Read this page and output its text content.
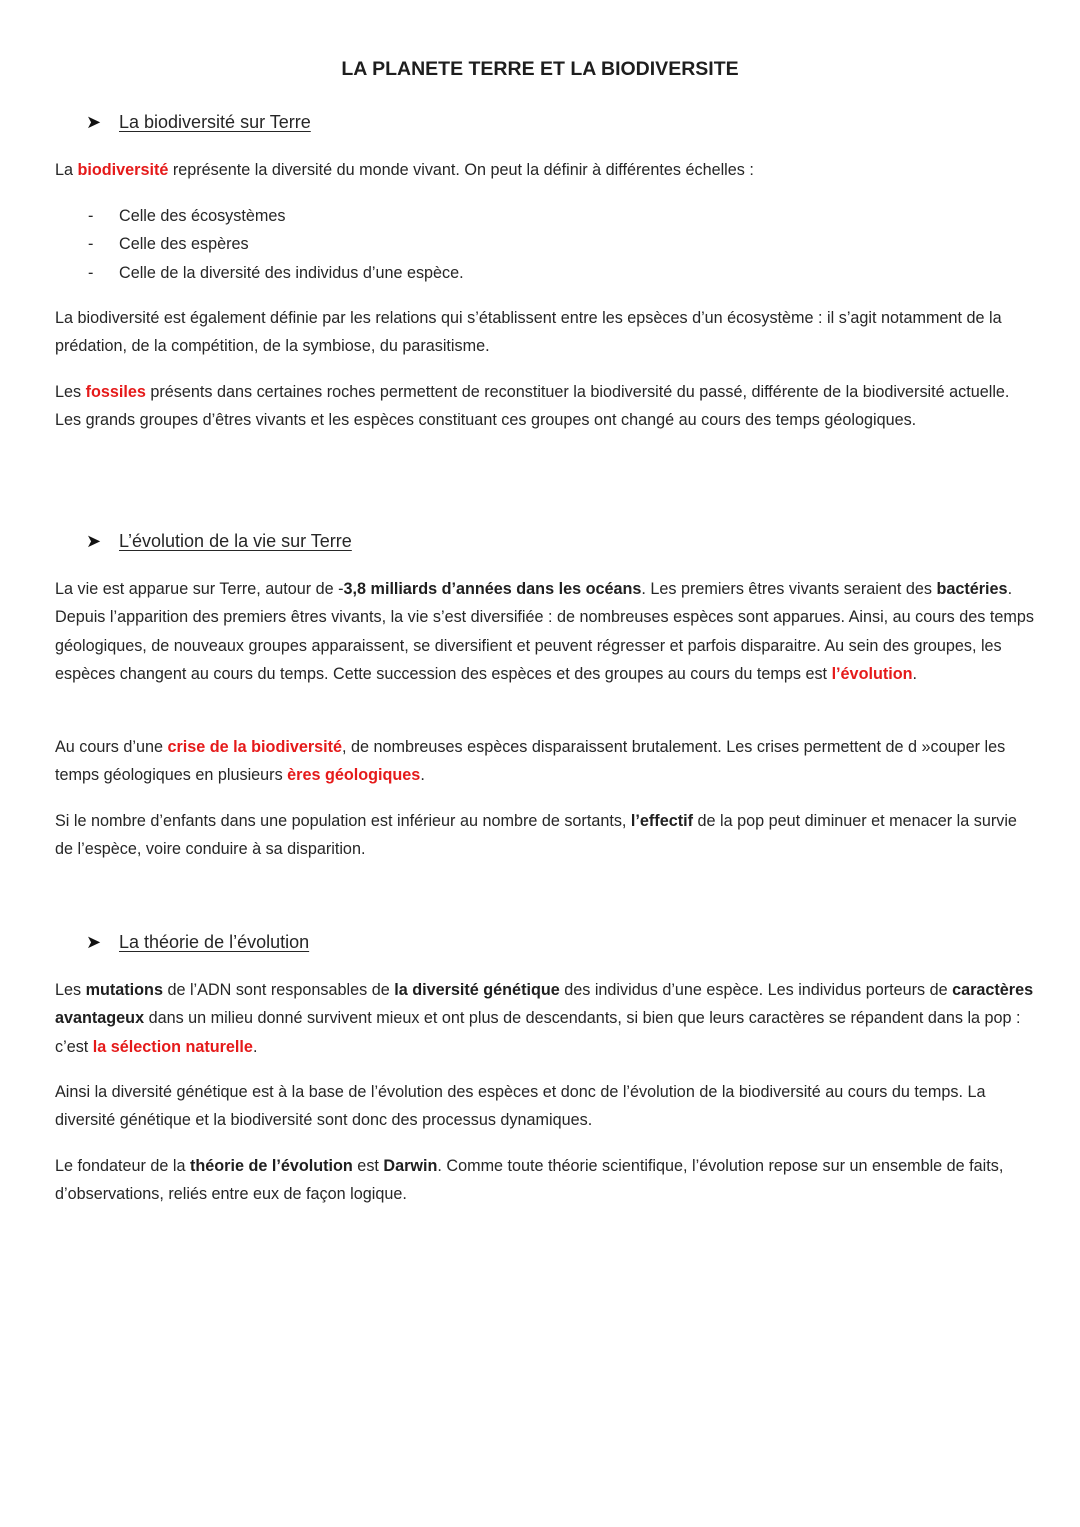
LA PLANETE TERRE ET LA BIODIVERSITE
➤ La biodiversité sur Terre

La biodiversité représente la diversité du monde vivant. On peut la définir à différentes échelles :

- Celle des écosystèmes
- Celle des espères
- Celle de la diversité des individus d’une espèce.

La biodiversité est également définie par les relations qui s’établissent entre les epsèces d’un écosystème : il s’agit notamment de la prédation, de la compétition, de la symbiose, du parasitisme.

Les fossiles présents dans certaines roches permettent de reconstituer la biodiversité du passé, différente de la biodiversité actuelle. Les grands groupes d’êtres vivants et les espèces constituant ces groupes ont changé au cours des temps géologiques.

➤ L’évolution de la vie sur Terre

La vie est apparue sur Terre, autour de -3,8 milliards d’années dans les océans. Les premiers êtres vivants seraient des bactéries. Depuis l’apparition des premiers êtres vivants, la vie s’est diversifiée : de nombreuses espèces sont apparues. Ainsi, au cours des temps géologiques, de nouveaux groupes apparaissent, se diversifient et peuvent régresser et parfois disparaitre. Au sein des groupes, les espèces changent au cours du temps. Cette succession des espèces et des groupes au cours du temps est l’évolution.

Au cours d’une crise de la biodiversité, de nombreuses espèces disparaissent brutalement. Les crises permettent de d »couper les temps géologiques en plusieurs ères géologiques.

Si le nombre d’enfants dans une population est inférieur au nombre de sortants, l’effectif de la pop peut diminuer et menacer la survie de l’espèce, voire conduire à sa disparition.

➤ La théorie de l’évolution

Les mutations de l’ADN sont responsables de la diversité génétique des individus d’une espèce. Les individus porteurs de caractères avantageux dans un milieu donné survivent mieux et ont plus de descendants, si bien que leurs caractères se répandent dans la pop : c’est la sélection naturelle.

Ainsi la diversité génétique est à la base de l’évolution des espèces et donc de l’évolution de la biodiversité au cours du temps. La diversité génétique et la biodiversité sont donc des processus dynamiques.

Le fondateur de la théorie de l’évolution est Darwin. Comme toute théorie scientifique, l’évolution repose sur un ensemble de faits, d’observations, reliés entre eux de façon logique.
